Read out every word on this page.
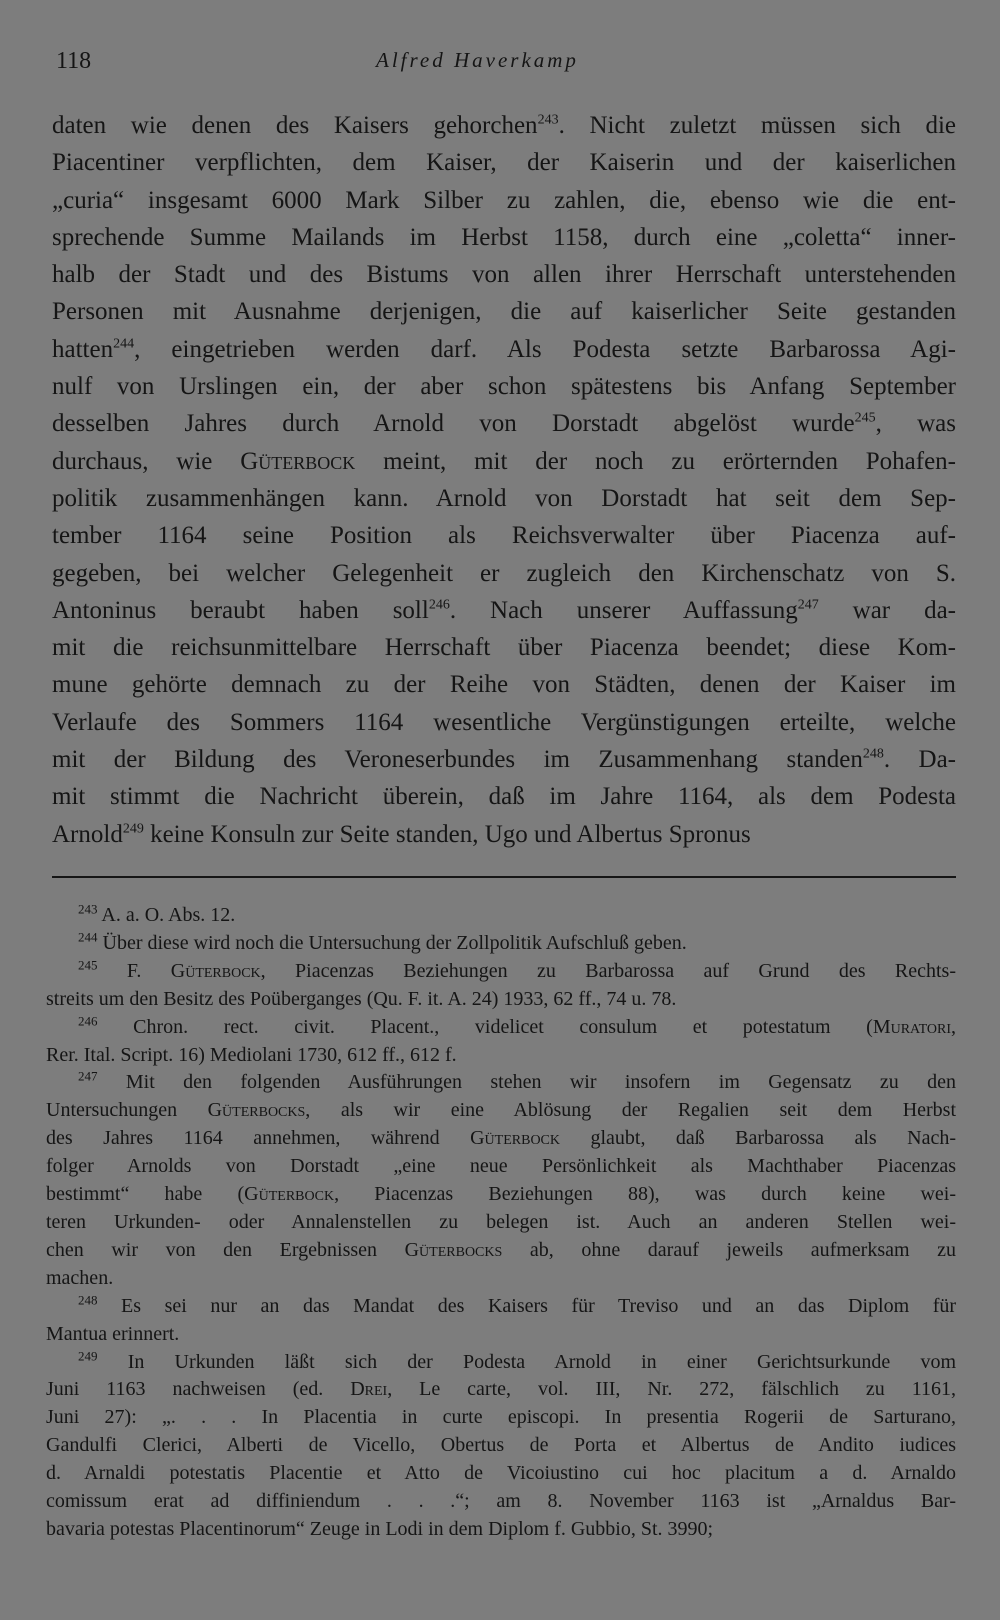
118	Alfred Haverkamp
daten wie denen des Kaisers gehorchen$^{243}$. Nicht zuletzt müssen sich die
Piacentiner verpflichten, dem Kaiser, der Kaiserin und der kaiserlichen
„curia“ insgesamt 6000 Mark Silber zu zahlen, die, ebenso wie die ent-
sprechende Summe Mailands im Herbst 1158, durch eine „coletta“ inner-
halb der Stadt und des Bistums von allen ihrer Herrschaft unterstehenden
Personen mit Ausnahme derjenigen, die auf kaiserlicher Seite gestanden
hatten$^{244}$, eingetrieben werden darf. Als Podesta setzte Barbarossa Agi-
nulf von Urslingen ein, der aber schon spätestens bis Anfang September
desselben Jahres durch Arnold von Dorstadt abgelöst wurde$^{245}$, was
durchaus, wie Güterbock meint, mit der noch zu erörternden Pohafen-
politik zusammenhängen kann. Arnold von Dorstadt hat seit dem Sep-
tember 1164 seine Position als Reichsverwalter über Piacenza auf-
gegeben, bei welcher Gelegenheit er zugleich den Kirchenschatz von S.
Antoninus beraubt haben soll$^{246}$. Nach unserer Auffassung$^{247}$ war da-
mit die reichsunmittelbare Herrschaft über Piacenza beendet; diese Kom-
mune gehörte demnach zu der Reihe von Städten, denen der Kaiser im
Verlaufe des Sommers 1164 wesentliche Vergünstigungen erteilte, welche
mit der Bildung des Veroneserbundes im Zusammenhang standen$^{248}$. Da-
mit stimmt die Nachricht überein, daß im Jahre 1164, als dem Podesta
Arnold$^{249}$ keine Konsuln zur Seite standen, Ugo und Albertus Spronus
$^{243}$ A. a. O. Abs. 12.
$^{244}$ Über diese wird noch die Untersuchung der Zollpolitik Aufschluß geben.
$^{245}$ F. Güterbock, Piacenzas Beziehungen zu Barbarossa auf Grund des Rechts-
streits um den Besitz des Poüberganges (Qu. F. it. A. 24) 1933, 62 ff., 74 u. 78.
$^{246}$ Chron. rect. civit. Placent., videlicet consulum et potestatum (Muratori,
Rer. Ital. Script. 16) Mediolani 1730, 612 ff., 612 f.
$^{247}$ Mit den folgenden Ausführungen stehen wir insofern im Gegensatz zu den
Untersuchungen Güterbocks, als wir eine Ablösung der Regalien seit dem Herbst
des Jahres 1164 annehmen, während Güterbock glaubt, daß Barbarossa als Nach-
folger Arnolds von Dorstadt „eine neue Persönlichkeit als Machthaber Piacenzas
bestimmt“ habe (Güterbock, Piacenzas Beziehungen 88), was durch keine wei-
teren Urkunden- oder Annalenstellen zu belegen ist. Auch an anderen Stellen wei-
chen wir von den Ergebnissen Güterbocks ab, ohne darauf jeweils aufmerksam zu
machen.
$^{248}$ Es sei nur an das Mandat des Kaisers für Treviso und an das Diplom für
Mantua erinnert.
$^{249}$ In Urkunden läßt sich der Podesta Arnold in einer Gerichtsurkunde vom
Juni 1163 nachweisen (ed. Drei, Le carte, vol. III, Nr. 272, fälschlich zu 1161,
Juni 27): „. . . In Placentia in curte episcopi. In presentia Rogerii de Sarturano,
Gandulfi Clerici, Alberti de Vicello, Obertus de Porta et Albertus de Andito iudices
d. Arnaldi potestatis Placentie et Atto de Vicoiustino cui hoc placitum a d. Arnaldo
comissum erat ad diffiniendum . . .“; am 8. November 1163 ist „Arnaldus Bar-
bavaria potestas Placentinorum“ Zeuge in Lodi in dem Diplom f. Gubbio, St. 3990;
